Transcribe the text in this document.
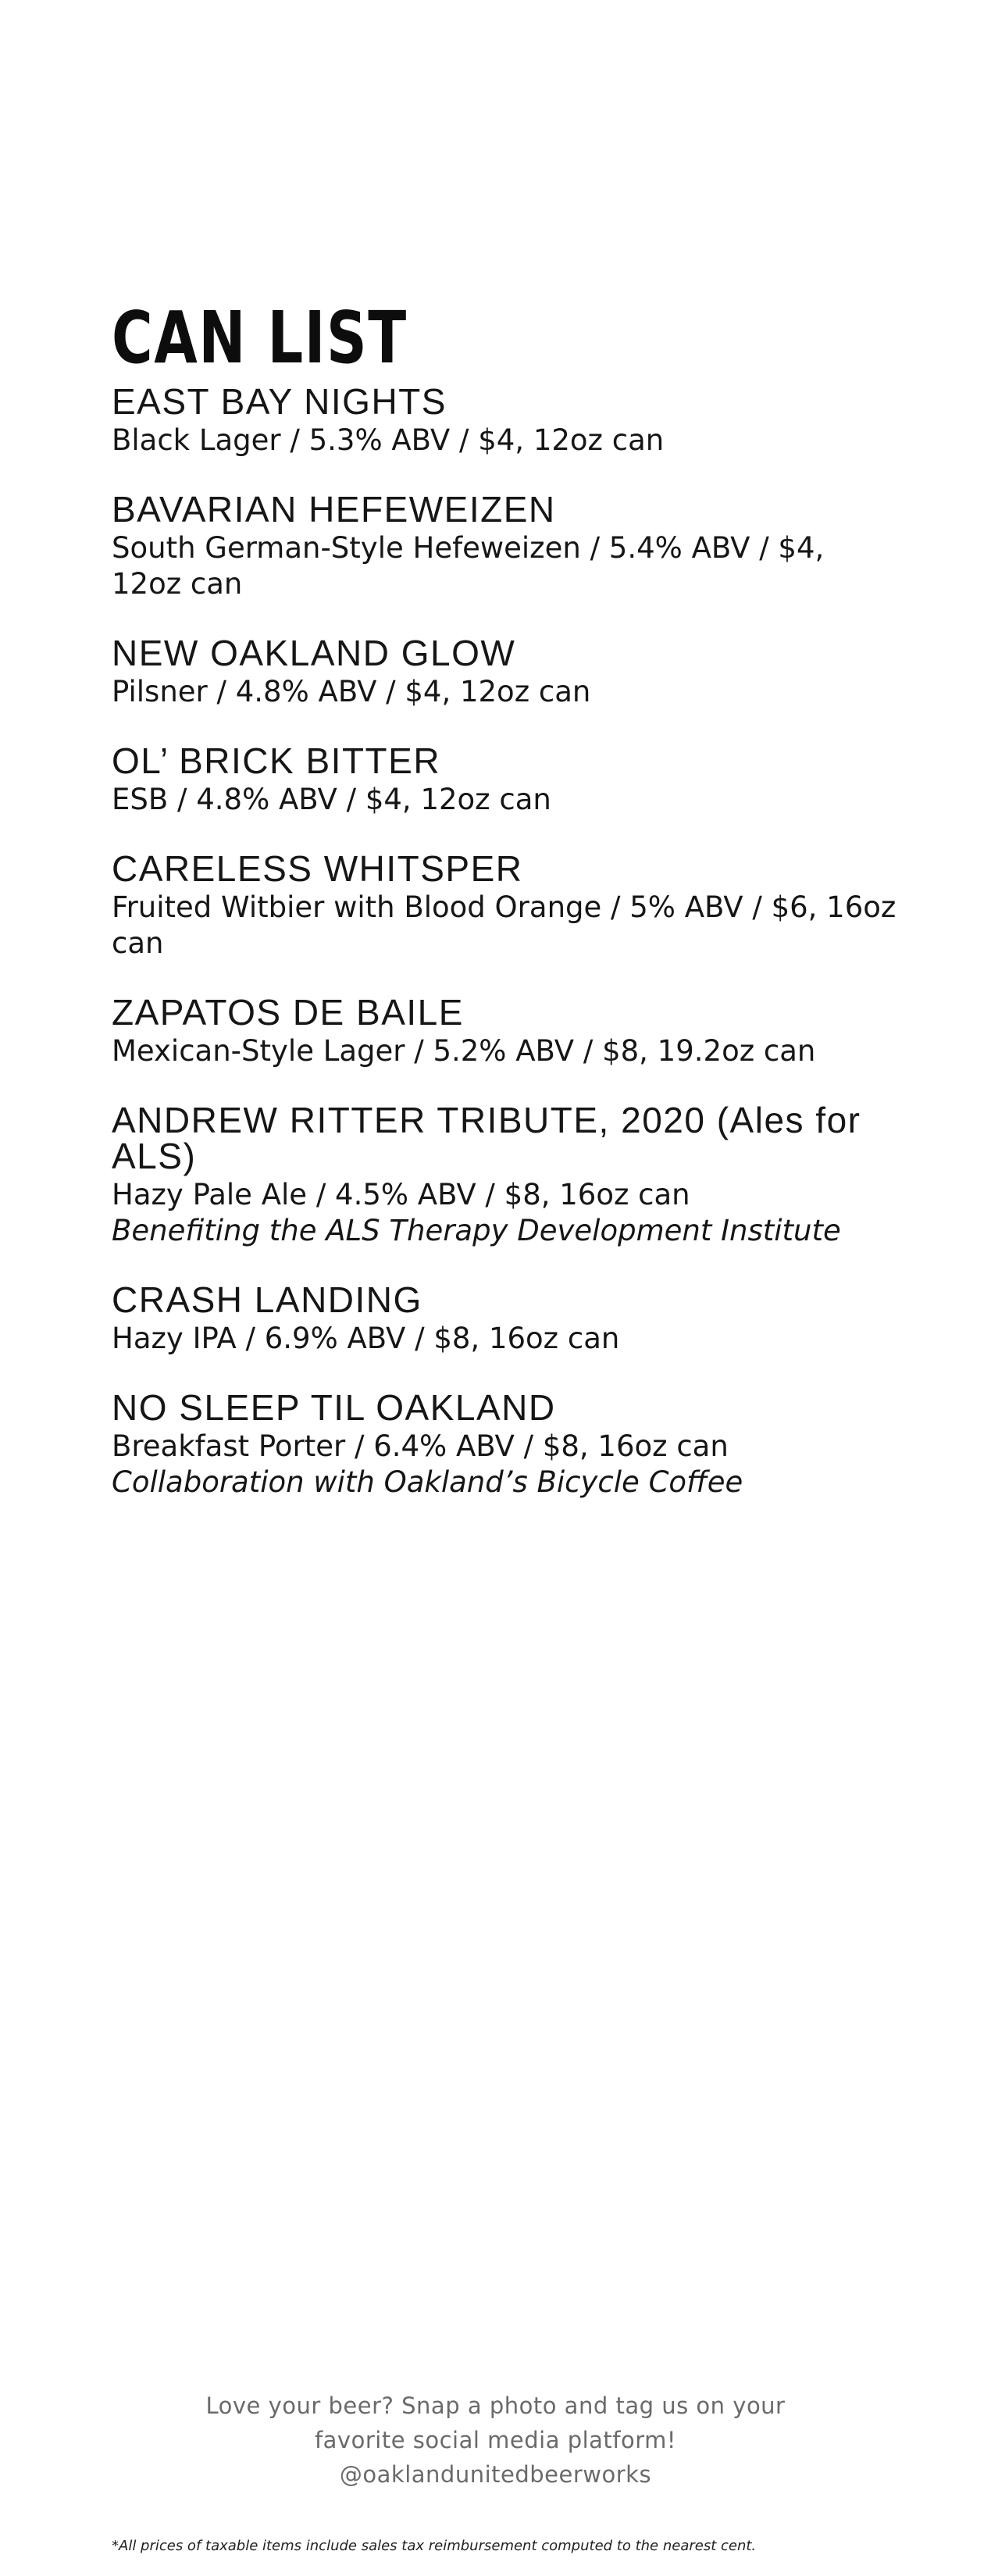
CAN LIST
EAST BAY NIGHTS
Black Lager / 5.3% ABV / $4, 12oz can
BAVARIAN HEFEWEIZEN
South German-Style Hefeweizen / 5.4% ABV / $4, 12oz can
NEW OAKLAND GLOW
Pilsner / 4.8% ABV / $4, 12oz can
OL’ BRICK BITTER
ESB / 4.8% ABV / $4, 12oz can
CARELESS WHITSPER
Fruited Witbier with Blood Orange / 5% ABV / $6, 16oz can
ZAPATOS DE BAILE
Mexican-Style Lager / 5.2% ABV / $8, 19.2oz can
ANDREW RITTER TRIBUTE, 2020 (Ales for ALS)
Hazy Pale Ale / 4.5% ABV / $8, 16oz can
Benefiting the ALS Therapy Development Institute
CRASH LANDING
Hazy IPA / 6.9% ABV / $8, 16oz can
NO SLEEP TIL OAKLAND
Breakfast Porter / 6.4% ABV / $8, 16oz can
Collaboration with Oakland’s Bicycle Coffee
Love your beer? Snap a photo and tag us on your
favorite social media platform!
@oaklandunitedbeerworks
*All prices of taxable items include sales tax reimbursement computed to the nearest cent.
